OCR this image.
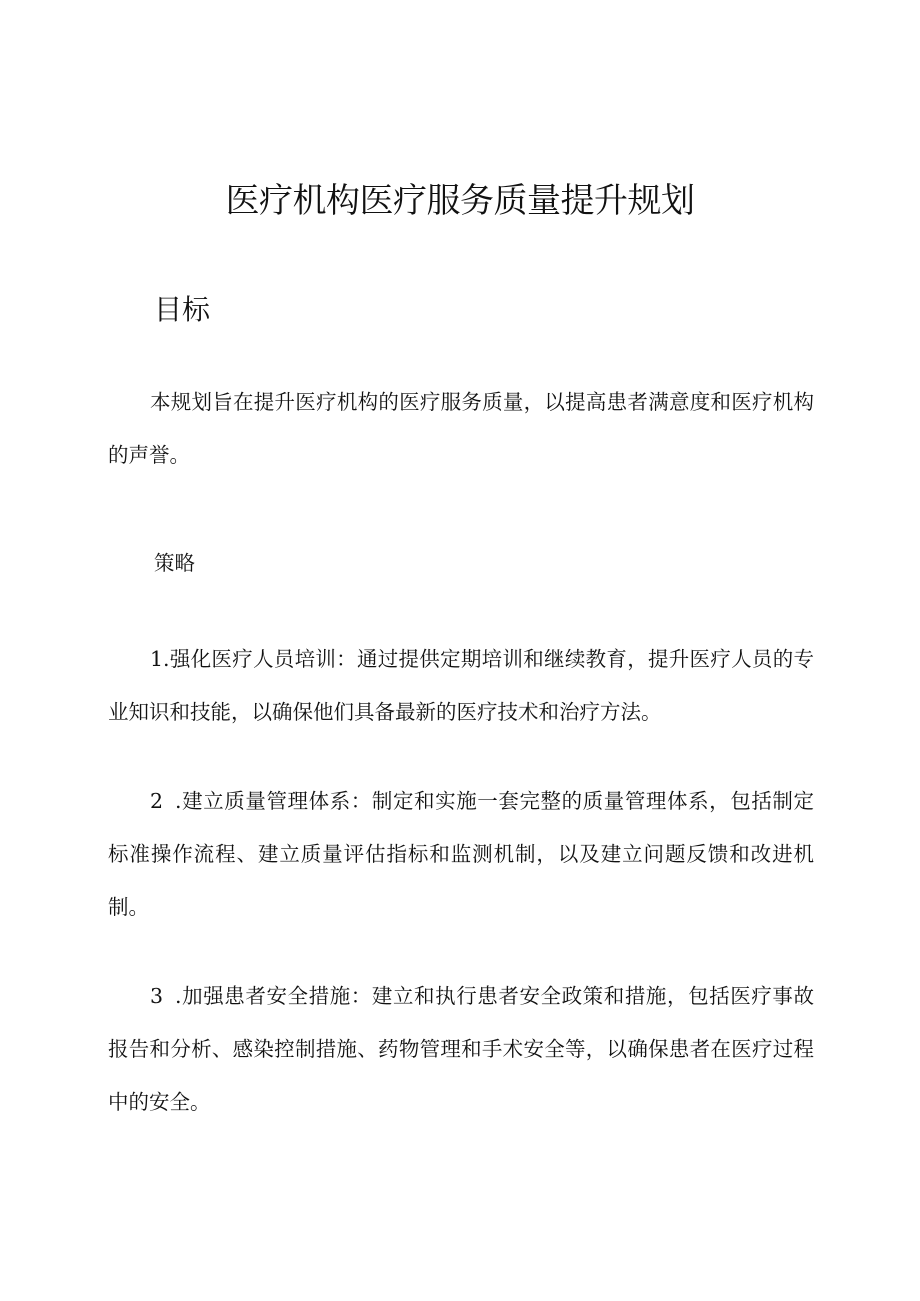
医疗机构医疗服务质量提升规划
目标

本规划旨在提升医疗机构的医疗服务质量，以提高患者满意度和医疗机构的声誉。

策略

1.强化医疗人员培训：通过提供定期培训和继续教育，提升医疗人员的专业知识和技能，以确保他们具备最新的医疗技术和治疗方法。

2 .建立质量管理体系：制定和实施一套完整的质量管理体系，包括制定标准操作流程、建立质量评估指标和监测机制，以及建立问题反馈和改进机制。

3 .加强患者安全措施：建立和执行患者安全政策和措施，包括医疗事故报告和分析、感染控制措施、药物管理和手术安全等，以确保患者在医疗过程中的安全。
